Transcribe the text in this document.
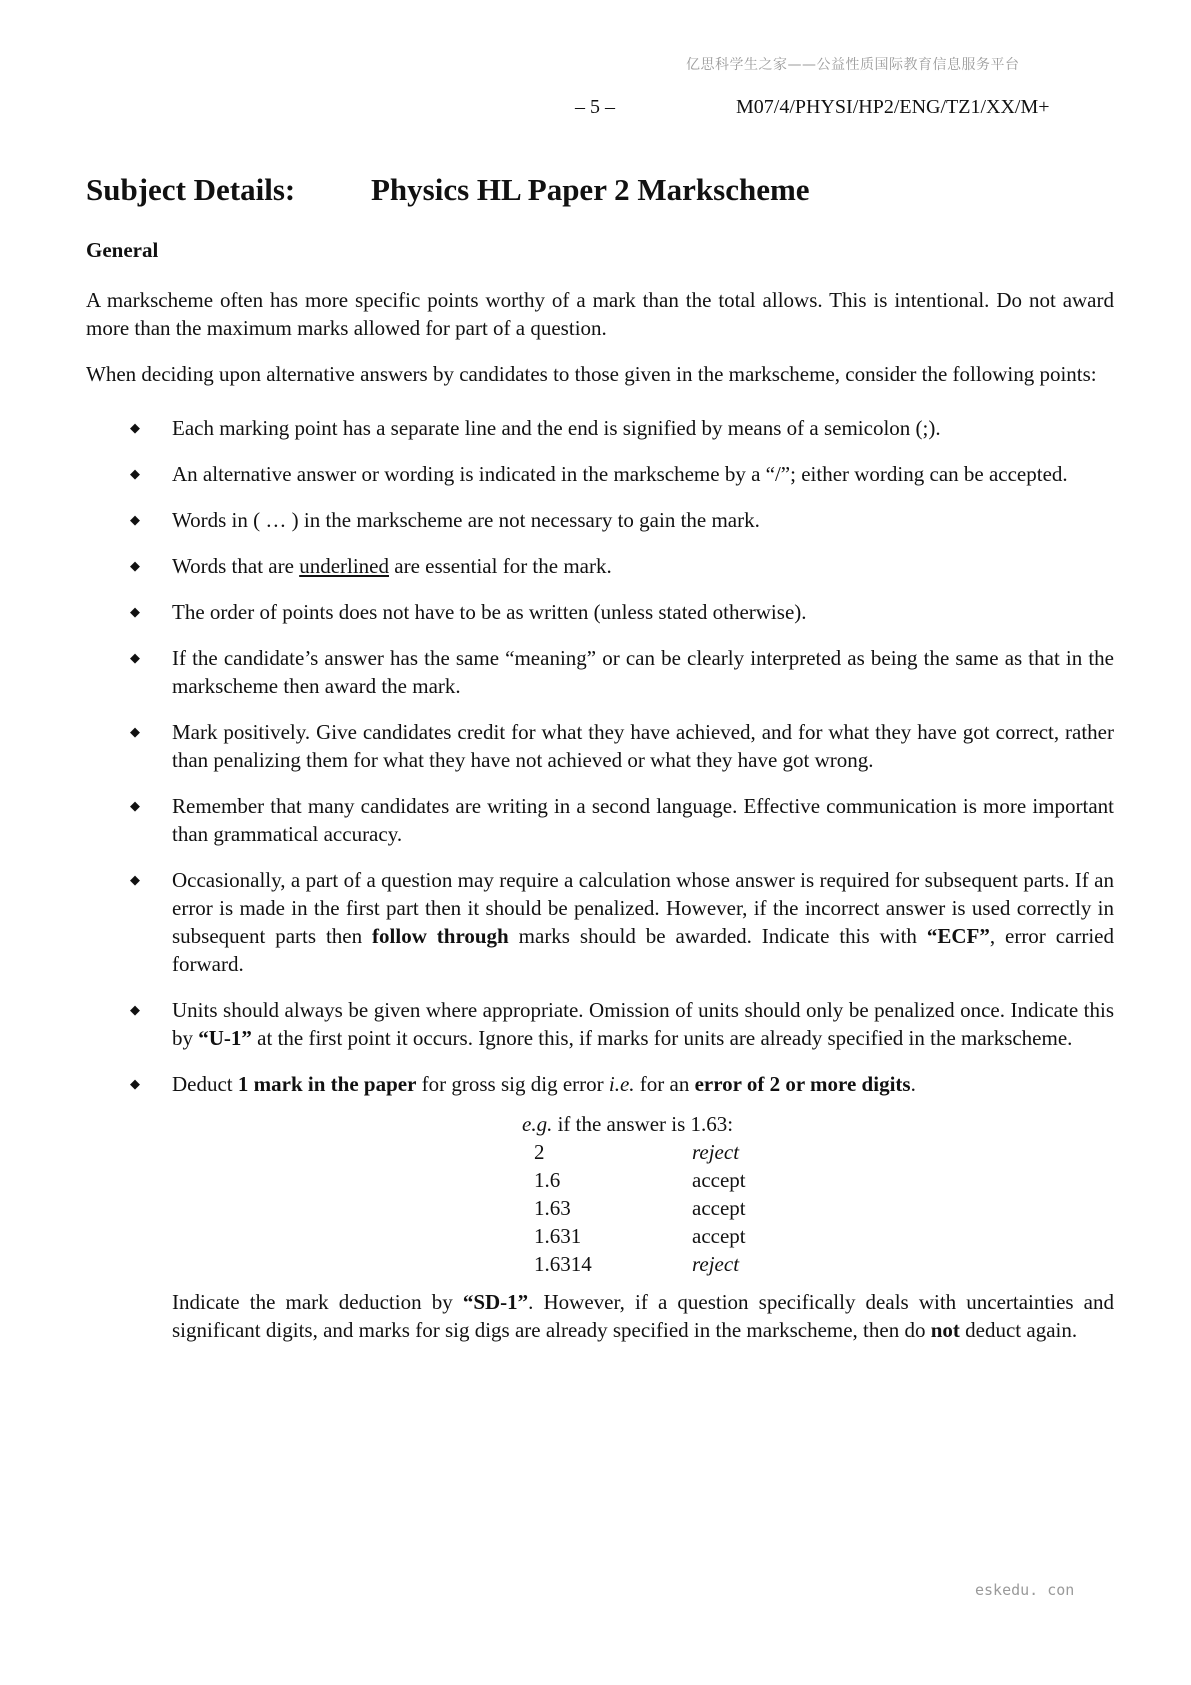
亿思科学生之家——公益性质国际教育信息服务平台
– 5 –	M07/4/PHYSI/HP2/ENG/TZ1/XX/M+
Subject Details:	Physics HL Paper 2 Markscheme
General

A markscheme often has more specific points worthy of a mark than the total allows. This is intentional. Do not award more than the maximum marks allowed for part of a question.

When deciding upon alternative answers by candidates to those given in the markscheme, consider the following points:

◆ Each marking point has a separate line and the end is signified by means of a semicolon (;).
◆ An alternative answer or wording is indicated in the markscheme by a “/”; either wording can be accepted.
◆ Words in ( … ) in the markscheme are not necessary to gain the mark.
◆ Words that are underlined are essential for the mark.
◆ The order of points does not have to be as written (unless stated otherwise).
◆ If the candidate’s answer has the same “meaning” or can be clearly interpreted as being the same as that in the markscheme then award the mark.
◆ Mark positively. Give candidates credit for what they have achieved, and for what they have got correct, rather than penalizing them for what they have not achieved or what they have got wrong.
◆ Remember that many candidates are writing in a second language. Effective communication is more important than grammatical accuracy.
◆ Occasionally, a part of a question may require a calculation whose answer is required for subsequent parts. If an error is made in the first part then it should be penalized. However, if the incorrect answer is used correctly in subsequent parts then follow through marks should be awarded. Indicate this with “ECF”, error carried forward.
◆ Units should always be given where appropriate. Omission of units should only be penalized once. Indicate this by “U-1” at the first point it occurs. Ignore this, if marks for units are already specified in the markscheme.
◆ Deduct 1 mark in the paper for gross sig dig error i.e. for an error of 2 or more digits.
e.g. if the answer is 1.63:
2	reject
1.6	accept
1.63	accept
1.631	accept
1.6314	reject
Indicate the mark deduction by “SD-1”. However, if a question specifically deals with uncertainties and significant digits, and marks for sig digs are already specified in the markscheme, then do not deduct again.
eskedu. con
